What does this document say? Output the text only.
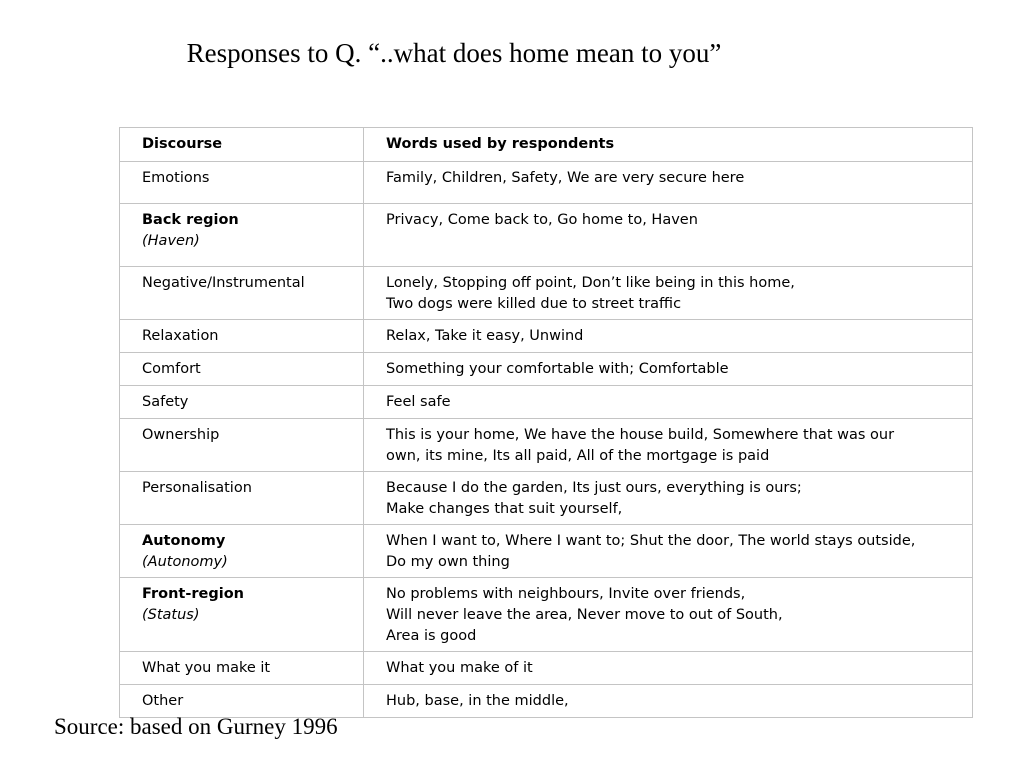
Responses to Q. “..what does home mean to you”
Discourse	Words used by respondents

Emotions	Family, Children, Safety, We are very secure here

Back region
(Haven)	Privacy, Come back to, Go home to, Haven

Negative/Instrumental	Lonely, Stopping off point, Don’t like being in this home,
Two dogs were killed due to street traffic

Relaxation	Relax, Take it easy, Unwind

Comfort	Something your comfortable with; Comfortable

Safety	Feel safe

Ownership	This is your home, We have the house build, Somewhere that was our
own, its mine, Its all paid, All of the mortgage is paid

Personalisation	Because I do the garden, Its just ours, everything is ours;
Make changes that suit yourself,

Autonomy
(Autonomy)	When I want to, Where I want to; Shut the door, The world stays outside,
Do my own thing

Front-region
(Status)	No problems with neighbours, Invite over friends,
Will never leave the area, Never move to out of South,
Area is good

What you make it	What you make of it

Other	Hub, base, in the middle,
Source: based on Gurney 1996
